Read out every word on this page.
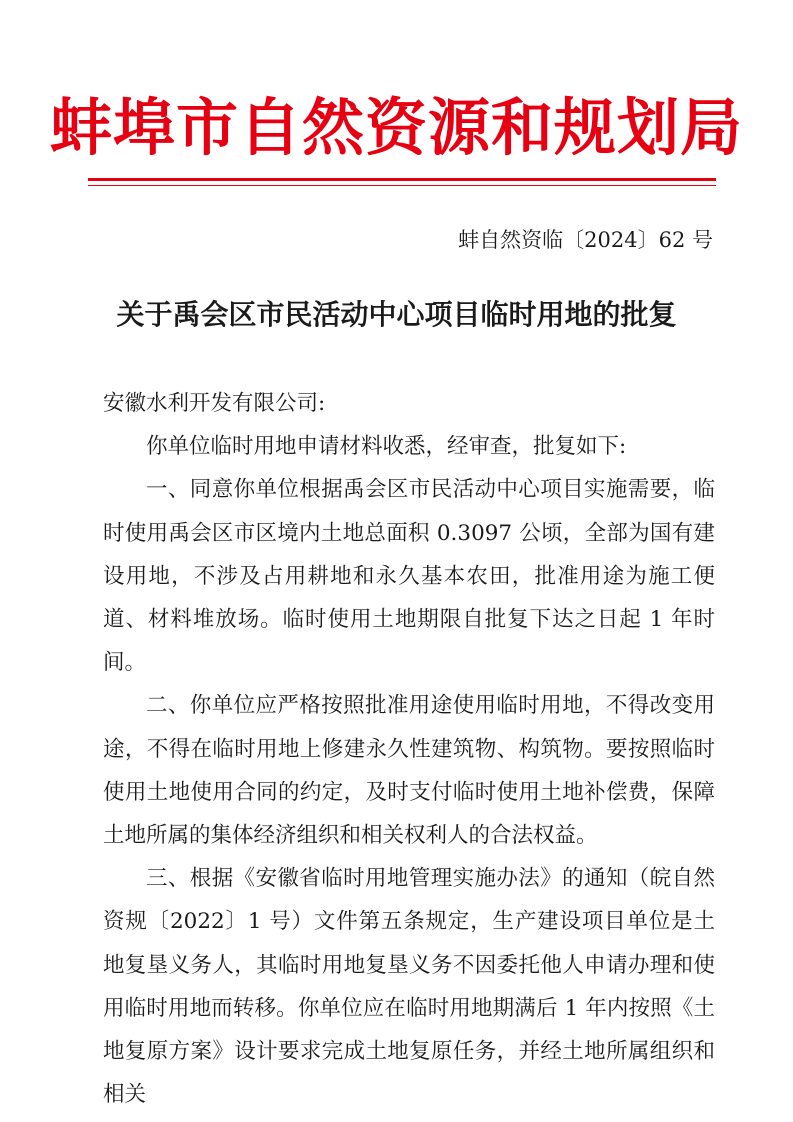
蚌埠市自然资源和规划局
蚌自然资临〔2024〕62 号
关于禹会区市民活动中心项目临时用地的批复

安徽水利开发有限公司:

你单位临时用地申请材料收悉，经审查，批复如下:

一、同意你单位根据禹会区市民活动中心项目实施需要，临时使用禹会区市区境内土地总面积 0.3097 公顷，全部为国有建设用地，不涉及占用耕地和永久基本农田，批准用途为施工便道、材料堆放场。临时使用土地期限自批复下达之日起 1 年时间。

二、你单位应严格按照批准用途使用临时用地，不得改变用途，不得在临时用地上修建永久性建筑物、构筑物。要按照临时使用土地使用合同的约定，及时支付临时使用土地补偿费，保障土地所属的集体经济组织和相关权利人的合法权益。

三、根据《安徽省临时用地管理实施办法》的通知（皖自然资规〔2022〕1 号）文件第五条规定，生产建设项目单位是土地复垦义务人，其临时用地复垦义务不因委托他人申请办理和使用临时用地而转移。你单位应在临时用地期满后 1 年内按照《土地复原方案》设计要求完成土地复原任务，并经土地所属组织和相关
